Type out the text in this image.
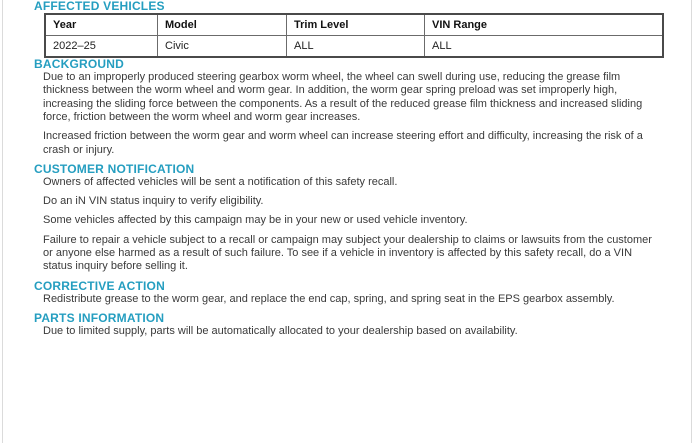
AFFECTED VEHICLES
Year	Model	Trim Level	VIN Range
2022–25	Civic	ALL	ALL
BACKGROUND

Due to an improperly produced steering gearbox worm wheel, the wheel can swell during use, reducing the grease film thickness between the worm wheel and worm gear. In addition, the worm gear spring preload was set improperly high, increasing the sliding force between the components. As a result of the reduced grease film thickness and increased sliding force, friction between the worm wheel and worm gear increases.

Increased friction between the worm gear and worm wheel can increase steering effort and difficulty, increasing the risk of a crash or injury.

CUSTOMER NOTIFICATION

Owners of affected vehicles will be sent a notification of this safety recall.

Do an iN VIN status inquiry to verify eligibility.

Some vehicles affected by this campaign may be in your new or used vehicle inventory.

Failure to repair a vehicle subject to a recall or campaign may subject your dealership to claims or lawsuits from the customer or anyone else harmed as a result of such failure. To see if a vehicle in inventory is affected by this safety recall, do a VIN status inquiry before selling it.

CORRECTIVE ACTION

Redistribute grease to the worm gear, and replace the end cap, spring, and spring seat in the EPS gearbox assembly.

PARTS INFORMATION

Due to limited supply, parts will be automatically allocated to your dealership based on availability.
